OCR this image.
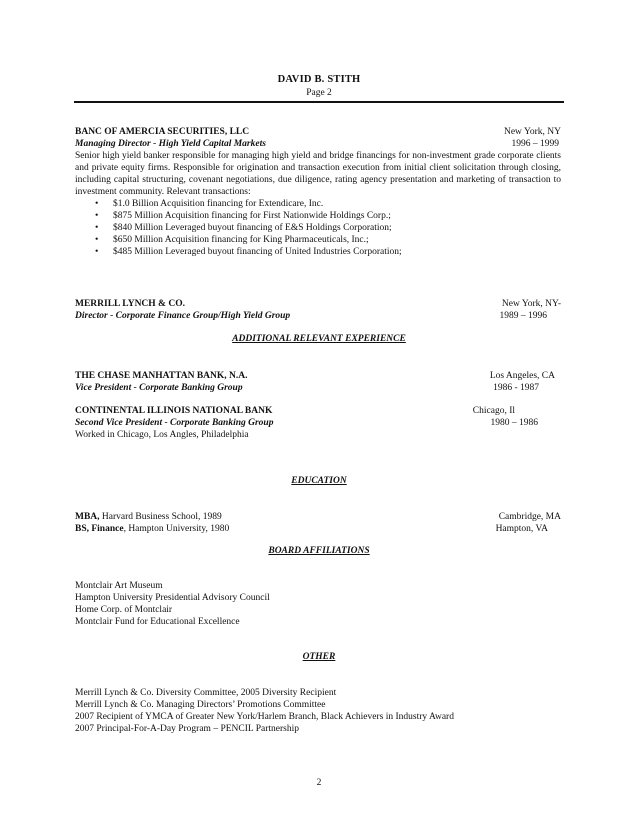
DAVID B. STITH
Page 2
BANC OF AMERCIA SECURITIES, LLC	New York, NY
Managing Director - High Yield Capital Markets	1996 – 1999
Senior high yield banker responsible for managing high yield and bridge financings for non-investment grade corporate clients and private equity firms. Responsible for origination and transaction execution from initial client solicitation through closing, including capital structuring, covenant negotiations, due diligence, rating agency presentation and marketing of transaction to investment community. Relevant transactions:
• $1.0 Billion Acquisition financing for Extendicare, Inc.
• $875 Million Acquisition financing for First Nationwide Holdings Corp.;
• $840 Million Leveraged buyout financing of E&S Holdings Corporation;
• $650 Million Acquisition financing for King Pharmaceuticals, Inc.;
• $485 Million Leveraged buyout financing of United Industries Corporation;
MERRILL LYNCH & CO.	New York, NY-
Director - Corporate Finance Group/High Yield Group	1989 – 1996
ADDITIONAL RELEVANT EXPERIENCE
THE CHASE MANHATTAN BANK, N.A.	Los Angeles, CA
Vice President - Corporate Banking Group	1986 - 1987
CONTINENTAL ILLINOIS NATIONAL BANK	Chicago, Il
Second Vice President - Corporate Banking Group	1980 – 1986
Worked in Chicago, Los Angles, Philadelphia
EDUCATION
MBA, Harvard Business School, 1989	Cambridge, MA
BS, Finance, Hampton University, 1980	Hampton, VA
BOARD AFFILIATIONS
Montclair Art Museum
Hampton University Presidential Advisory Council
Home Corp. of Montclair
Montclair Fund for Educational Excellence
OTHER
Merrill Lynch & Co. Diversity Committee, 2005 Diversity Recipient
Merrill Lynch & Co. Managing Directors’ Promotions Committee
2007 Recipient of YMCA of Greater New York/Harlem Branch, Black Achievers in Industry Award
2007 Principal-For-A-Day Program – PENCIL Partnership
2
